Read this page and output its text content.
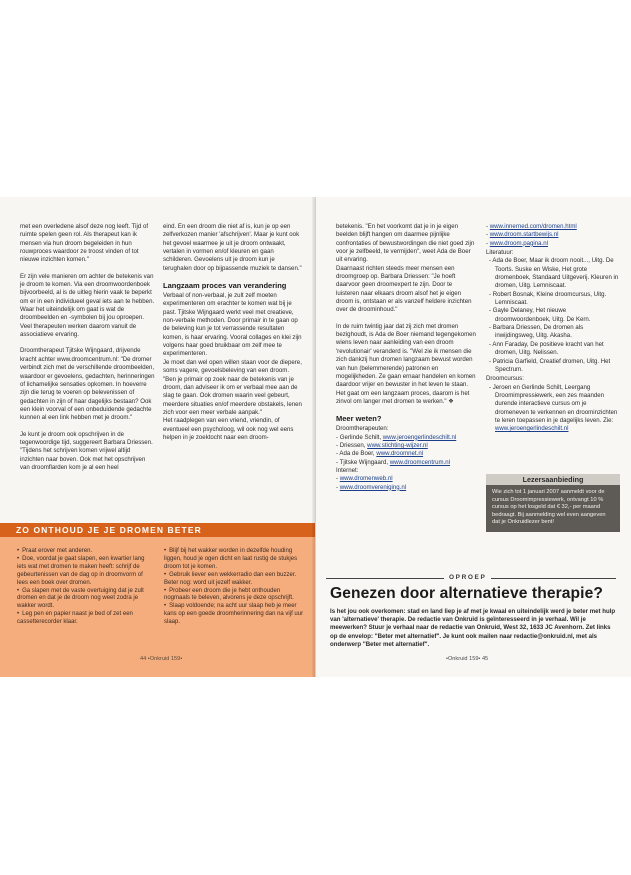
met een overledene alsof deze nog leeft. Tijd of ruimte spelen geen rol. Als therapeut kan ik mensen via hun droom begeleiden in hun rouwproces waardoor ze troost vinden of tot nieuwe inzichten komen."

Er zijn vele manieren om achter de betekenis van je droom te komen. Via een droomwoordenboek bijvoorbeeld, al is de uitleg hierin vaak te beperkt om er in een individueel geval iets aan te hebben. Waar het uiteindelijk om gaat is wat de droombeelden en -symbolen bij jou oproepen. Veel therapeuten werken daarom vanuit de associatieve ervaring.

Droomtherapeut Tjitske Wijngaard, drijvende kracht achter www.droomcentrum.nl: "De dromer verbindt zich met de verschillende droombeelden, waardoor er gevoelens, gedachten, herinneringen of lichamelijke sensaties opkomen. In hoeverre zijn die terug te voeren op belevenissen of gedachten in zijn of haar dagelijks bestaan? Ook een klein voorval of een onbeduidende gedachte kunnen al een link hebben met je droom."

Je kunt je droom ook opschrijven in de tegenwoordige tijd, suggereert Barbara Driessen. "Tijdens het schrijven komen vrijwel altijd inzichten naar boven. Ook met het opschrijven van droomflarden kom je al een heel

eind. En een droom die niet af is, kun je op een zelfverkozen manier 'afschrijven'. Maar je kunt ook het gevoel waarmee je uit je droom ontwaakt, vertalen in vormen en/of kleuren en gaan schilderen. Gevoelens uit je droom kun je terughalen door op bijpassende muziek te dansen."

Langzaam proces van verandering

Verbaal of non-verbaal, je zult zelf moeten experimenteren om erachter te komen wat bij je past. Tjitske Wijngaard werkt veel met creatieve, non-verbale methoden. Door primair in te gaan op de beleving kun je tot verrassende resultaten komen, is haar ervaring. Vooral collages en klei zijn volgens haar goed bruikbaar om zelf mee te experimenteren.

Je moet dan wel open willen staan voor de diepere, soms vagere, gevoelsbeleving van een droom. "Ben je primair op zoek naar de betekenis van je droom, dan adviseer ik om er verbaal mee aan de slag te gaan. Ook dromen waarin veel gebeurt, meerdere situaties en/of meerdere obstakels, lenen zich voor een meer verbale aanpak."

Het raadplegen van een vriend, vriendin, of eventueel een psycholoog, wil ook nog wel eens helpen in je zoektocht naar een droom-

ZO ONTHOUD JE JE DROMEN BETER
• Praat erover met anderen.
• Doe, voordat je gaat slapen, een kwartier lang iets wat met dromen te maken heeft: schrijf de gebeurtenissen van de dag op in droomvorm of lees een boek over dromen.
• Ga slapen met de vaste overtuiging dat je zult dromen en dat je de droom nog weet zodra je wakker wordt.
• Leg pen en papier naast je bed of zet een cassetterecorder klaar.
• Blijf bij het wakker worden in dezelfde houding liggen, houd je ogen dicht en laat rustig de stukjes droom tot je komen.
• Gebruik liever een wekkerradio dan een buzzer. Beter nog: word uit jezelf wakker.
• Probeer een droom die je hebt onthouden nogmaals te beleven, alvorens je deze opschrijft.
• Slaap voldoende; na acht uur slaap heb je meer kans op een goede droomherinnering dan na vijf uur slaap.
44 •Onkruid 159•

betekenis. "En het voorkomt dat je in je eigen beelden blijft hangen om daarmee pijnlijke confrontaties of bewustwordingen die niet goed zijn voor je zelfbeeld, te vermijden", weet Ada de Boer uit ervaring.

Daarnaast richten steeds meer mensen een droomgroep op. Barbara Driessen: "Je hoeft daarvoor geen droomexpert te zijn. Door te luisteren naar elkaars droom alsof het je eigen droom is, ontstaan er als vanzelf heldere inzichten over de droominhoud."

In de ruim twintig jaar dat zij zich met dromen bezighoudt, is Ada de Boer niemand tegengekomen wiens leven naar aanleiding van een droom 'revolutionair' veranderd is. "Wel zie ik mensen die zich dankzij hun dromen langzaam bewust worden van hun (belemmerende) patronen en mogelijkheden. Ze gaan ernaar handelen en komen daardoor vrijer en bewuster in het leven te staan. Het gaat om een langzaam proces, daarom is het zinvol om langer met dromen te werken." ❖

Meer weten?
Droomtherapeuten:
- Gerlinde Schilt, www.jeroengerlindeschilt.nl
- Driessen, www.stichting-wijzer.nl
- Ada de Boer, www.droomnet.nl
- Tjitske Wijngaard, www.droomcentrum.nl
Internet:
- www.dromenweb.nl
- www.droomvereniging.nl
- www.innerned.com/dromen.html
- www.droom.startbewijs.nl
- www.droom.pagina.nl
Literatuur:
- Ada de Boer, Maar ik droom nooit..., Uitg. De Toorts. Suske en Wiske, Het grote dromenboek, Standaard Uitgeverij. Kleuren in dromen, Uitg. Lemniscaat.
- Robert Bosnak, Kleine droomcursus, Uitg. Lemniscaat.
- Gayle Delaney, Het nieuwe droomwoordenboek, Uitg. De Kern.
- Barbara Driessen, De dromen als inwijdingsweg, Uitg. Akasha.
- Ann Faraday, De positieve kracht van het dromen, Uitg. Nelissen.
- Patricia Garfield, Creatief dromen, Uitg. Het Spectrum.
Droomcursus:
- Jeroen en Gerlinde Schilt, Leergang Droomimpressiewerk, een zes maanden durende interactieve cursus om je dromeneven te verkennen en droominzichten te leren toepassen in je dagelijks leven. Zie: www.jeroengerlindeschilt.nl
Lezersaanbieding
Wie zich tot 1 januari 2007 aanmeldt voor de cursus Droomimpressiewerk, ontvangt 10 % cursus op het losgeld dat € 32,- per maand bedraagt. Bij aanmelding wel even aangeven dat je Onkruidlezer bent!
OPROEP
Genezen door alternatieve therapie?
Is het jou ook overkomen: stad en land liep je af met je kwaal en uiteindelijk werd je beter met hulp van 'alternatieve' therapie. De redactie van Onkruid is geïnteresseerd in je verhaal. Wil je meewerken? Stuur je verhaal naar de redactie van Onkruid, West 32, 1633 JC Avenhorn. Zet links op de envelop: "Beter met alternatief". Je kunt ook mailen naar redactie@onkruid.nl, met als onderwerp "Beter met alternatief".
•Onkruid 159• 45
